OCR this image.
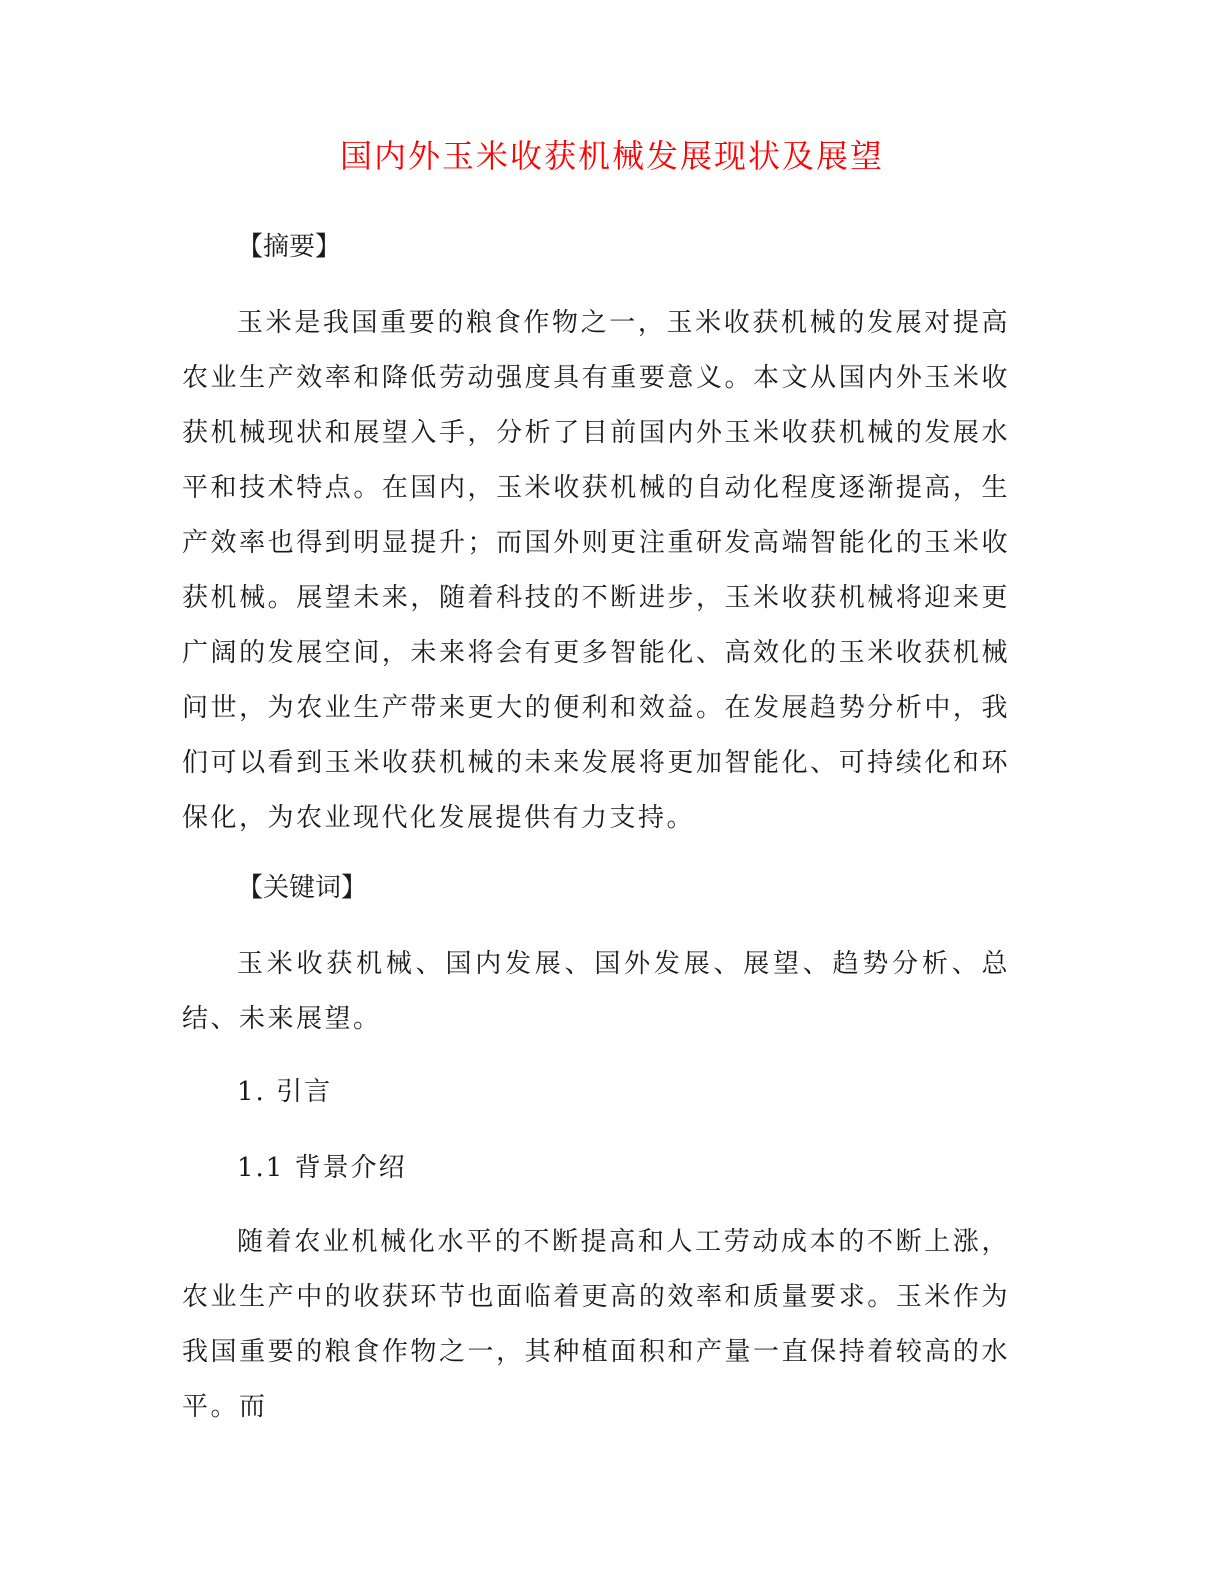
国内外玉米收获机械发展现状及展望
【摘要】

玉米是我国重要的粮食作物之一，玉米收获机械的发展对提高农业生产效率和降低劳动强度具有重要意义。本文从国内外玉米收获机械现状和展望入手，分析了目前国内外玉米收获机械的发展水平和技术特点。在国内，玉米收获机械的自动化程度逐渐提高，生产效率也得到明显提升；而国外则更注重研发高端智能化的玉米收获机械。展望未来，随着科技的不断进步，玉米收获机械将迎来更广阔的发展空间，未来将会有更多智能化、高效化的玉米收获机械问世，为农业生产带来更大的便利和效益。在发展趋势分析中，我们可以看到玉米收获机械的未来发展将更加智能化、可持续化和环保化，为农业现代化发展提供有力支持。

【关键词】

玉米收获机械、国内发展、国外发展、展望、趋势分析、总结、未来展望。

1. 引言
1.1 背景介绍

随着农业机械化水平的不断提高和人工劳动成本的不断上涨，农业生产中的收获环节也面临着更高的效率和质量要求。玉米作为我国重要的粮食作物之一，其种植面积和产量一直保持着较高的水平。而
